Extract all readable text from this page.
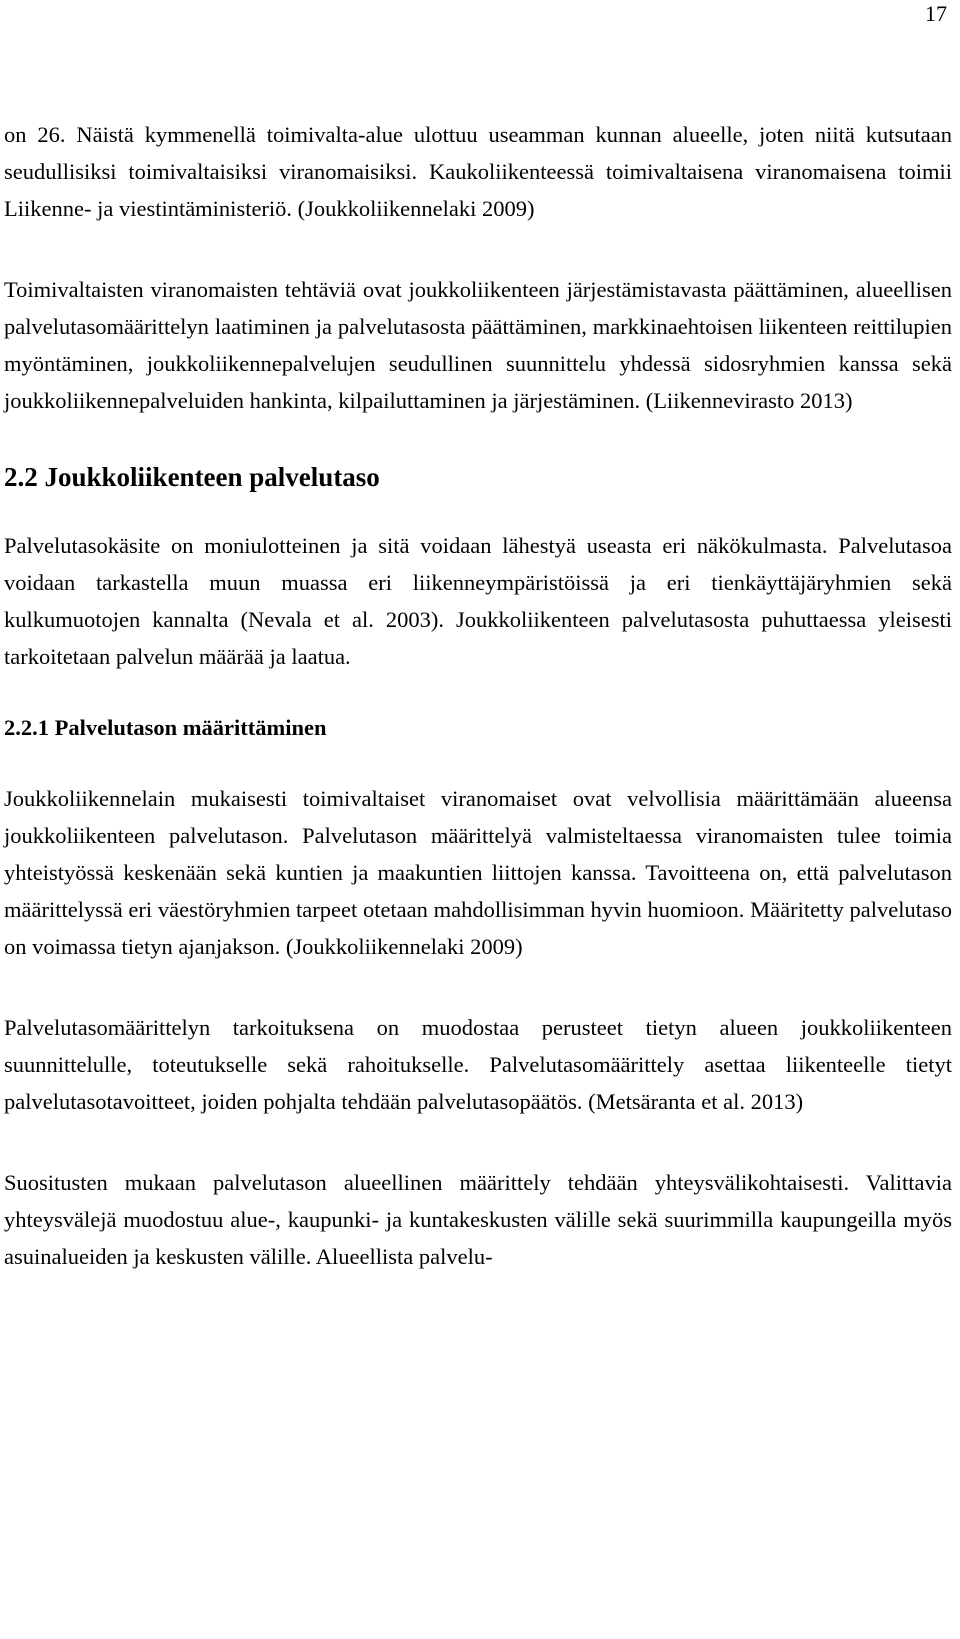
17

on 26. Näistä kymmenellä toimivalta-alue ulottuu useamman kunnan alueelle, joten niitä kutsutaan seudullisiksi toimivaltaisiksi viranomaisiksi. Kaukoliikenteessä toimivaltaisena viranomaisena toimii Liikenne- ja viestintäministeriö. (Joukkoliikennelaki 2009)

Toimivaltaisten viranomaisten tehtäviä ovat joukkoliikenteen järjestämistavasta päättäminen, alueellisen palvelutasomäärittelyn laatiminen ja palvelutasosta päättäminen, markkinaehtoisen liikenteen reittilupien myöntäminen, joukkoliikennepalvelujen seudullinen suunnittelu yhdessä sidosryhmien kanssa sekä joukkoliikennepalveluiden hankinta, kilpailuttaminen ja järjestäminen. (Liikennevirasto 2013)

2.2 Joukkoliikenteen palvelutaso

Palvelutasokäsite on moniulotteinen ja sitä voidaan lähestyä useasta eri näkökulmasta. Palvelutasoa voidaan tarkastella muun muassa eri liikenneympäristöissä ja eri tienkäyttäjäryhmien sekä kulkumuotojen kannalta (Nevala et al. 2003). Joukkoliikenteen palvelutasosta puhuttaessa yleisesti tarkoitetaan palvelun määrää ja laatua.

2.2.1 Palvelutason määrittäminen

Joukkoliikennelain mukaisesti toimivaltaiset viranomaiset ovat velvollisia määrittämään alueensa joukkoliikenteen palvelutason. Palvelutason määrittelyä valmisteltaessa viranomaisten tulee toimia yhteistyössä keskenään sekä kuntien ja maakuntien liittojen kanssa. Tavoitteena on, että palvelutason määrittelyssä eri väestöryhmien tarpeet otetaan mahdollisimman hyvin huomioon. Määritetty palvelutaso on voimassa tietyn ajanjakson. (Joukkoliikennelaki 2009)

Palvelutasomäärittelyn tarkoituksena on muodostaa perusteet tietyn alueen joukkoliikenteen suunnittelulle, toteutukselle sekä rahoitukselle. Palvelutasomäärittely asettaa liikenteelle tietyt palvelutasotavoitteet, joiden pohjalta tehdään palvelutasopäätös. (Metsäranta et al. 2013)

Suositusten mukaan palvelutason alueellinen määrittely tehdään yhteysvälikohtaisesti. Valittavia yhteysvälejä muodostuu alue-, kaupunki- ja kuntakeskusten välille sekä suurimmilla kaupungeilla myös asuinalueiden ja keskusten välille. Alueellista palvelu-
